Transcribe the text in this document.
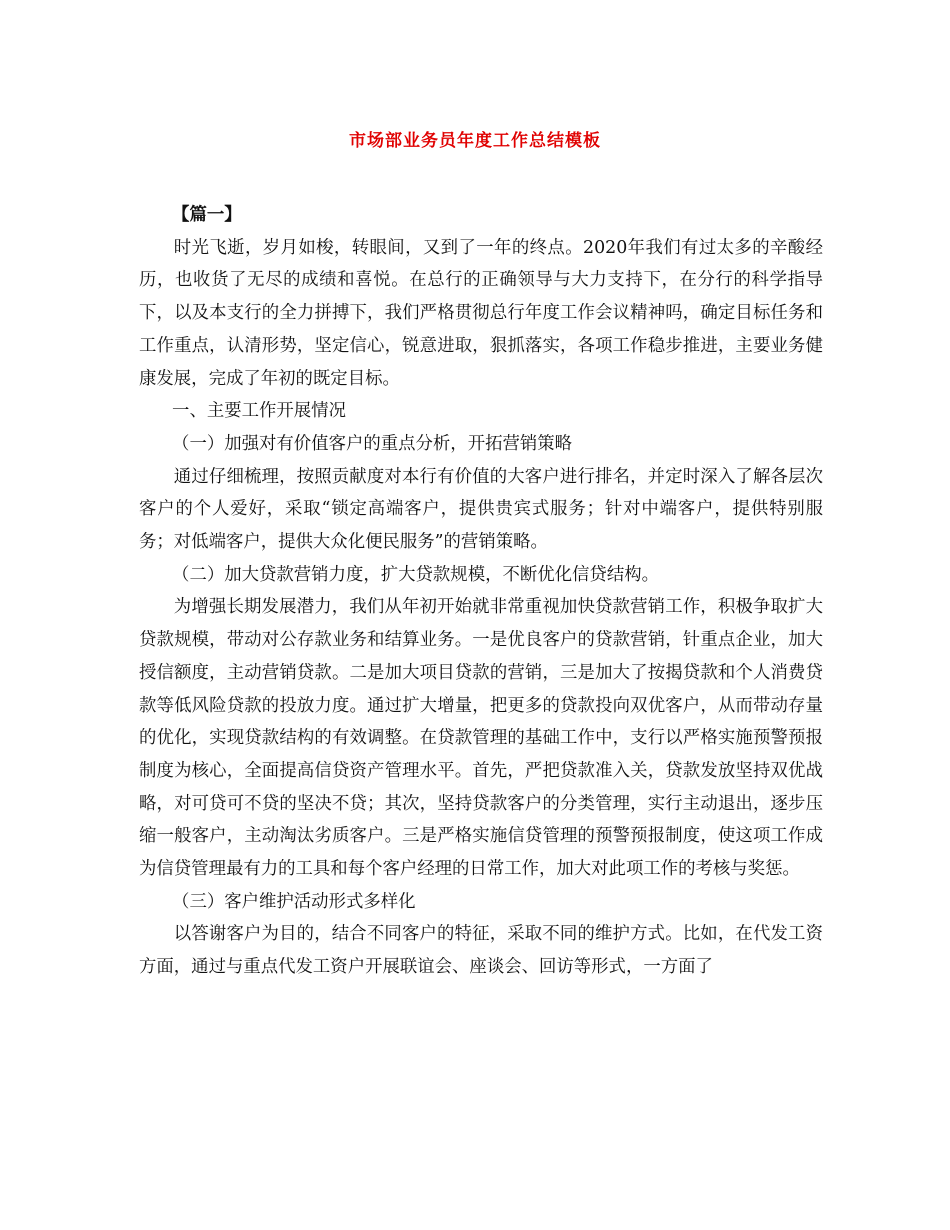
市场部业务员年度工作总结模板

【篇一】

时光飞逝，岁月如梭，转眼间，又到了一年的终点。2020年我们有过太多的辛酸经历，也收货了无尽的成绩和喜悦。在总行的正确领导与大力支持下，在分行的科学指导下，以及本支行的全力拼搏下，我们严格贯彻总行年度工作会议精神吗，确定目标任务和工作重点，认清形势，坚定信心，锐意进取，狠抓落实，各项工作稳步推进，主要业务健康发展，完成了年初的既定目标。

一、主要工作开展情况

（一）加强对有价值客户的重点分析，开拓营销策略

通过仔细梳理，按照贡献度对本行有价值的大客户进行排名，并定时深入了解各层次客户的个人爱好，采取“锁定高端客户，提供贵宾式服务；针对中端客户，提供特别服务；对低端客户，提供大众化便民服务”的营销策略。

（二）加大贷款营销力度，扩大贷款规模，不断优化信贷结构。

为增强长期发展潜力，我们从年初开始就非常重视加快贷款营销工作，积极争取扩大贷款规模，带动对公存款业务和结算业务。一是优良客户的贷款营销，针重点企业，加大授信额度，主动营销贷款。二是加大项目贷款的营销，三是加大了按揭贷款和个人消费贷款等低风险贷款的投放力度。通过扩大增量，把更多的贷款投向双优客户，从而带动存量的优化，实现贷款结构的有效调整。在贷款管理的基础工作中，支行以严格实施预警预报制度为核心，全面提高信贷资产管理水平。首先，严把贷款准入关，贷款发放坚持双优战略，对可贷可不贷的坚决不贷；其次，坚持贷款客户的分类管理，实行主动退出，逐步压缩一般客户，主动淘汰劣质客户。三是严格实施信贷管理的预警预报制度，使这项工作成为信贷管理最有力的工具和每个客户经理的日常工作，加大对此项工作的考核与奖惩。

（三）客户维护活动形式多样化

以答谢客户为目的，结合不同客户的特征，采取不同的维护方式。比如，在代发工资方面，通过与重点代发工资户开展联谊会、座谈会、回访等形式，一方面了
